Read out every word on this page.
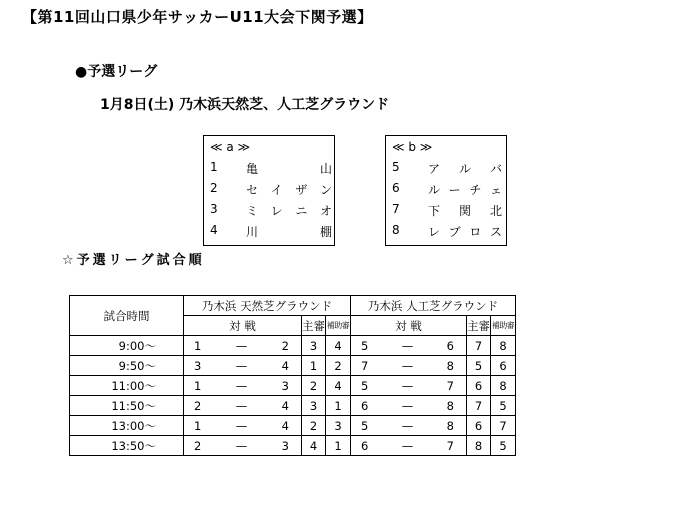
【第11回山口県少年サッカーU11大会下関予選】
●予選リーグ
1月8日(土) 乃木浜天然芝、人工芝グラウンド
≪ a ≫
1	亀	山
2	セ イ ザ ン
3	ミ レ ニ オ
4	川	棚
≪ b ≫
5	ア ル バ
6	ル ー チ ェ
7	下 関 北
8	レ ブ ロ ス
☆予選リーグ試合順
試合時間	乃木浜 天然芝グラウンド			乃木浜 人工芝グラウンド		
	対 戦	主審	補助審	対 戦	主審	補助審
9:00～	1 — 2	3	4	5 — 6	7	8
9:50～	3 — 4	1	2	7 — 8	5	6
11:00～	1 — 3	2	4	5 — 7	6	8
11:50～	2 — 4	3	1	6 — 8	7	5
13:00～	1 — 4	2	3	5 — 8	6	7
13:50～	2 — 3	4	1	6 — 7	8	5
